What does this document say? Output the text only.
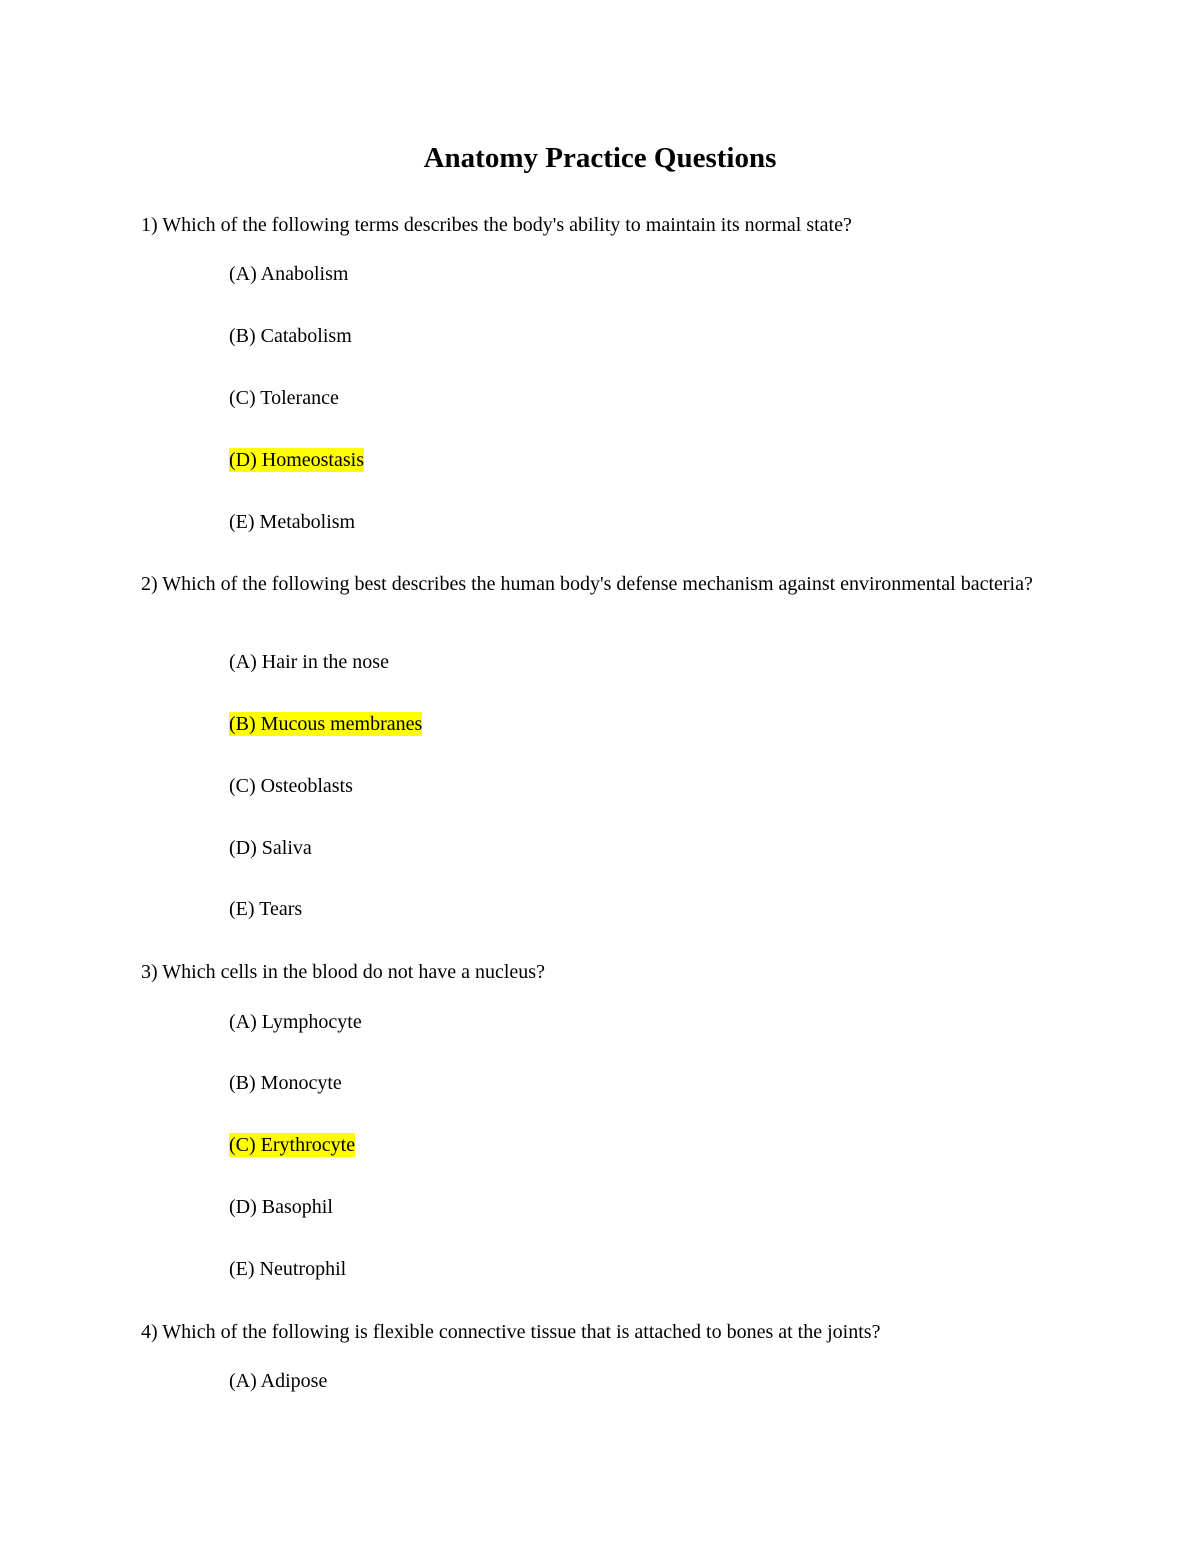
Anatomy Practice Questions

1) Which of the following terms describes the body's ability to maintain its normal state?

(A) Anabolism

(B) Catabolism

(C) Tolerance

(D) Homeostasis

(E) Metabolism

2) Which of the following best describes the human body's defense mechanism against environmental bacteria?

(A) Hair in the nose

(B) Mucous membranes

(C) Osteoblasts

(D) Saliva

(E) Tears

3) Which cells in the blood do not have a nucleus?

(A) Lymphocyte

(B) Monocyte

(C) Erythrocyte

(D) Basophil

(E) Neutrophil

4) Which of the following is flexible connective tissue that is attached to bones at the joints?

(A) Adipose
